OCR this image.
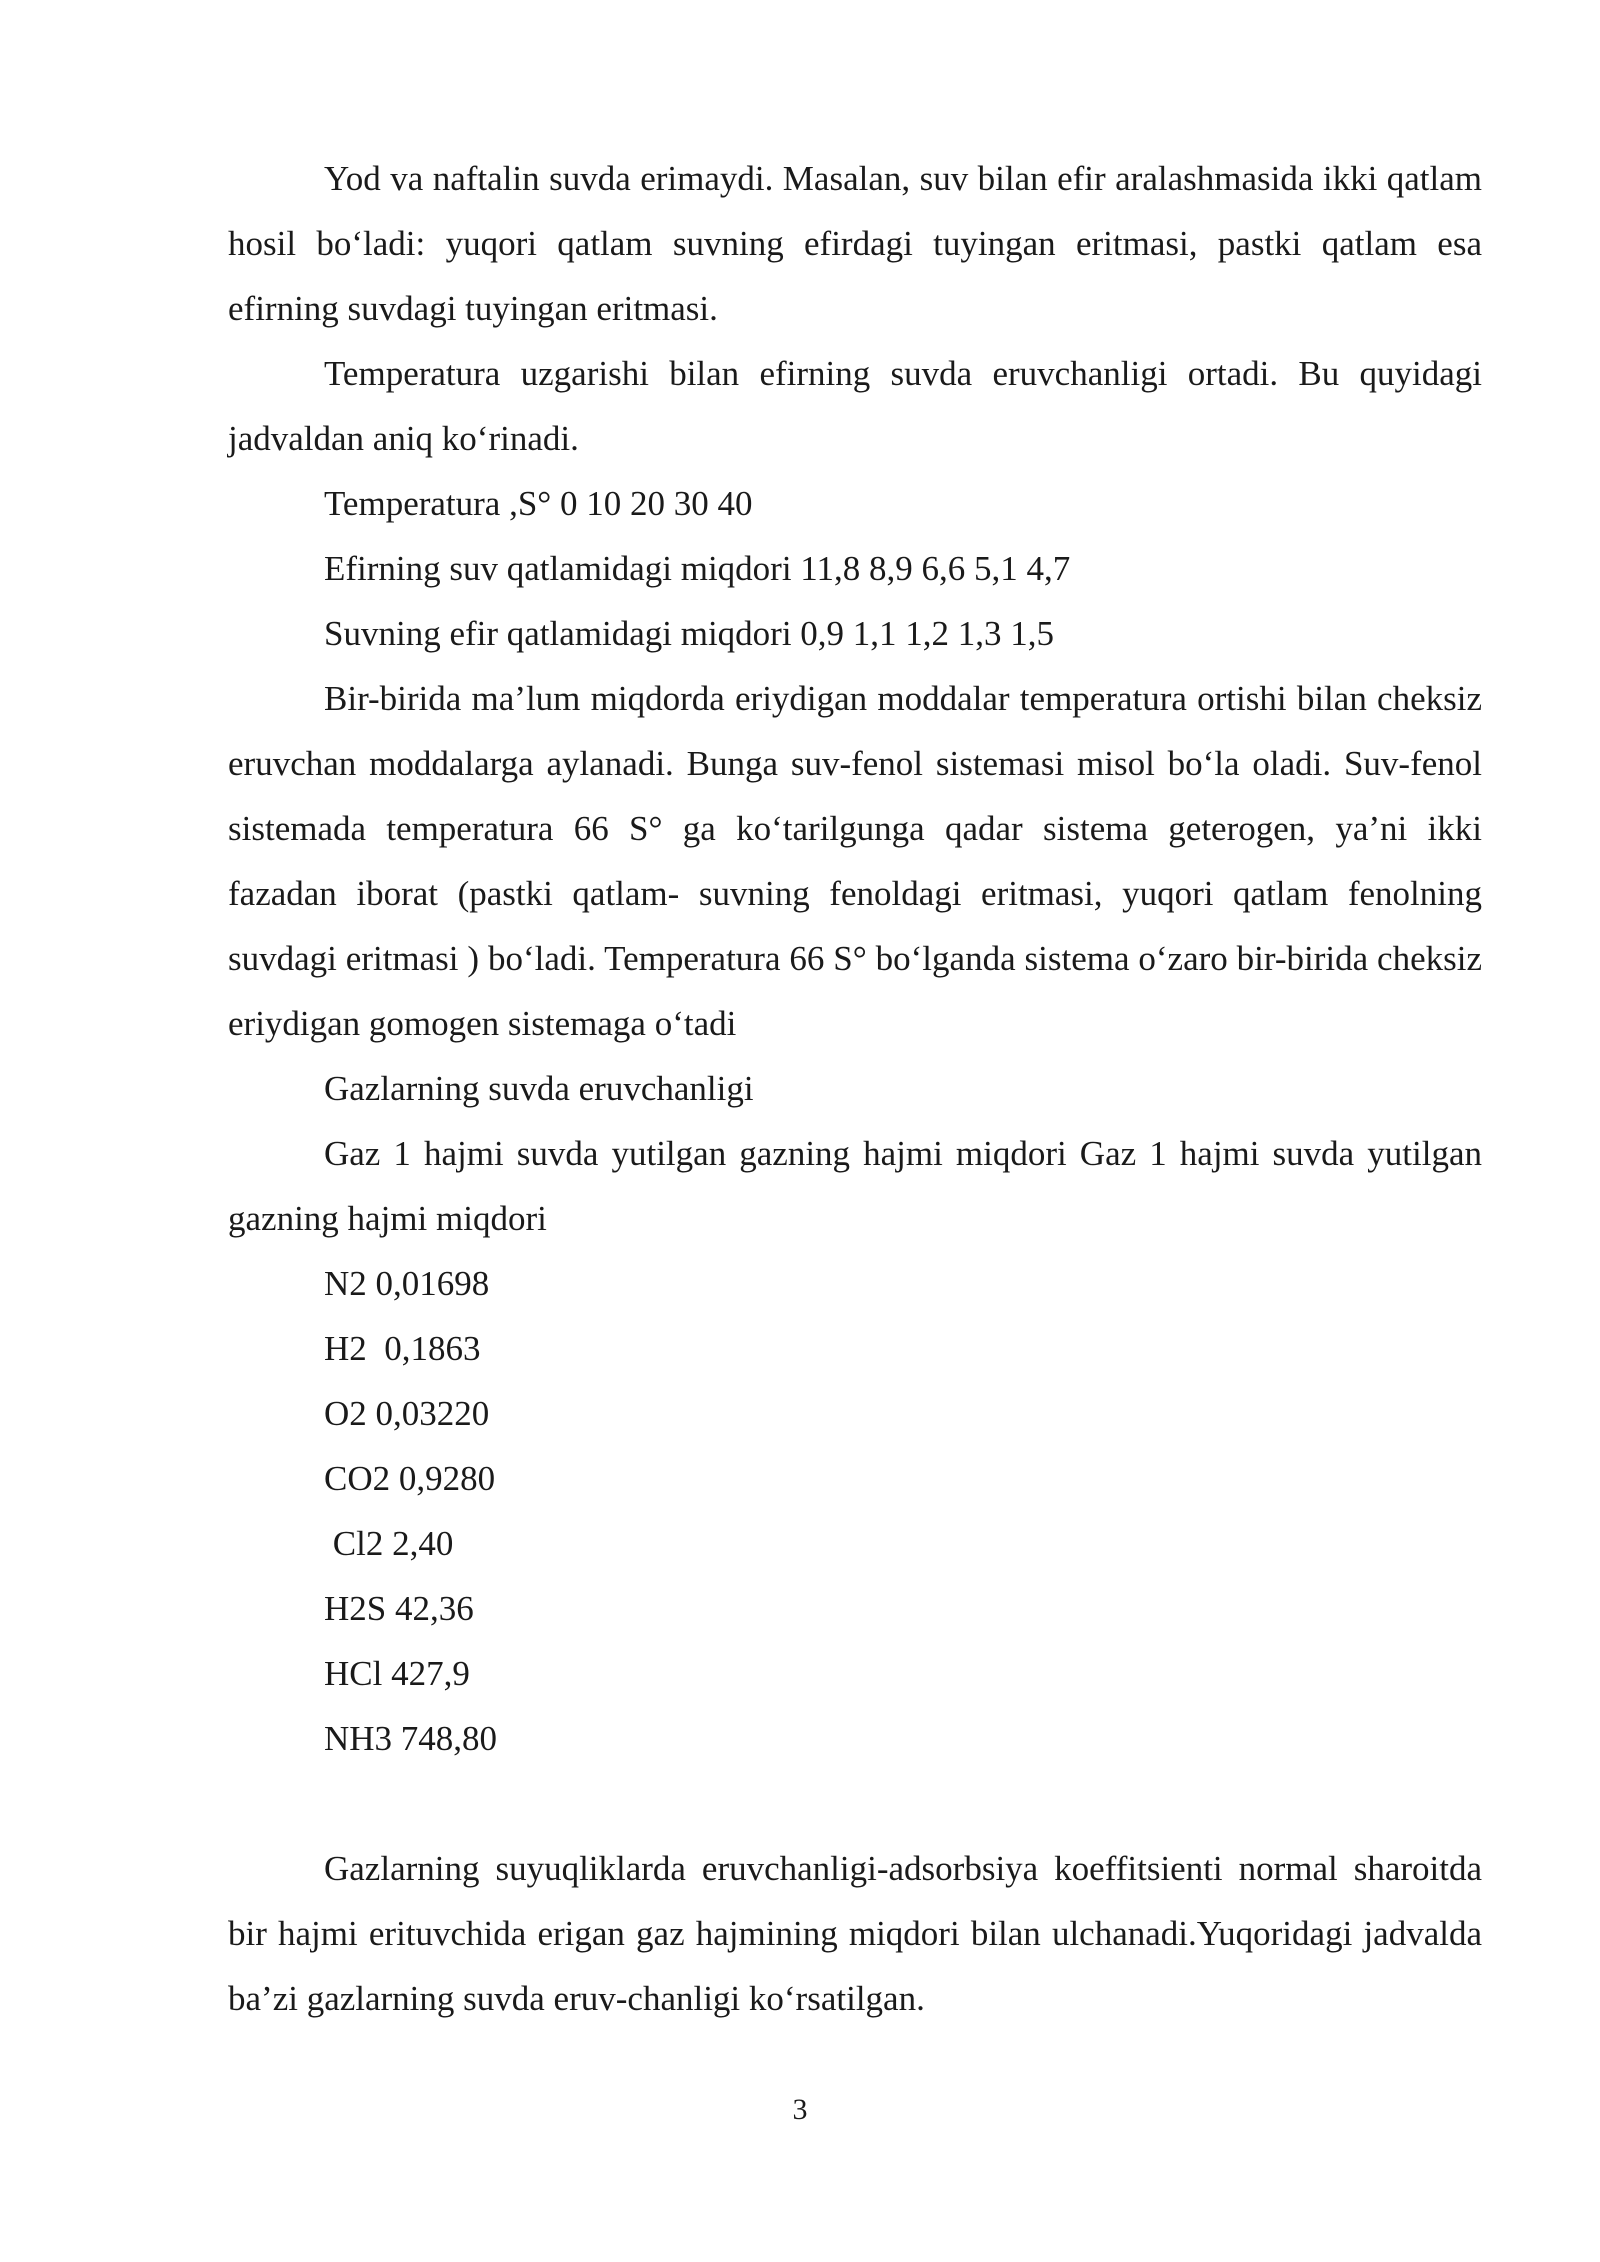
Yod va naftalin suvda erimaydi. Masalan, suv bilan efir aralashmasida ikki qatlam hosil bo‘ladi: yuqori qatlam suvning efirdagi tuyingan eritmasi, pastki qatlam esa efirning suvdagi tuyingan eritmasi.

Temperatura uzgarishi bilan efirning suvda eruvchanligi ortadi. Bu quyidagi jadvaldan aniq ko‘rinadi.

Temperatura ,S° 0 10 20 30 40

Efirning suv qatlamidagi miqdori 11,8 8,9 6,6 5,1 4,7

Suvning efir qatlamidagi miqdori 0,9 1,1 1,2 1,3 1,5

Bir-birida ma’lum miqdorda eriydigan moddalar temperatura ortishi bilan cheksiz eruvchan moddalarga aylanadi. Bunga suv-fenol sistemasi misol bo‘la oladi. Suv-fenol sistemada temperatura 66 S° ga ko‘tarilgunga qadar sistema geterogen, ya’ni ikki fazadan iborat (pastki qatlam- suvning fenoldagi eritmasi, yuqori qatlam fenolning suvdagi eritmasi ) bo‘ladi. Temperatura 66 S° bo‘lganda sistema o‘zaro bir-birida cheksiz eriydigan gomogen sistemaga o‘tadi

Gazlarning suvda eruvchanligi

Gaz 1 hajmi suvda yutilgan gazning hajmi miqdori Gaz 1 hajmi suvda yutilgan gazning hajmi miqdori

N2 0,01698

H2  0,1863

O2 0,03220

CO2 0,9280

Cl2 2,40

H2S 42,36

HCl 427,9

NH3 748,80

Gazlarning suyuqliklarda eruvchanligi-adsorbsiya koeffitsienti normal sharoitda bir hajmi erituvchida erigan gaz hajmining miqdori bilan ulchanadi.Yuqoridagi jadvalda ba’zi gazlarning suvda eruv-chanligi ko‘rsatilgan.

3
